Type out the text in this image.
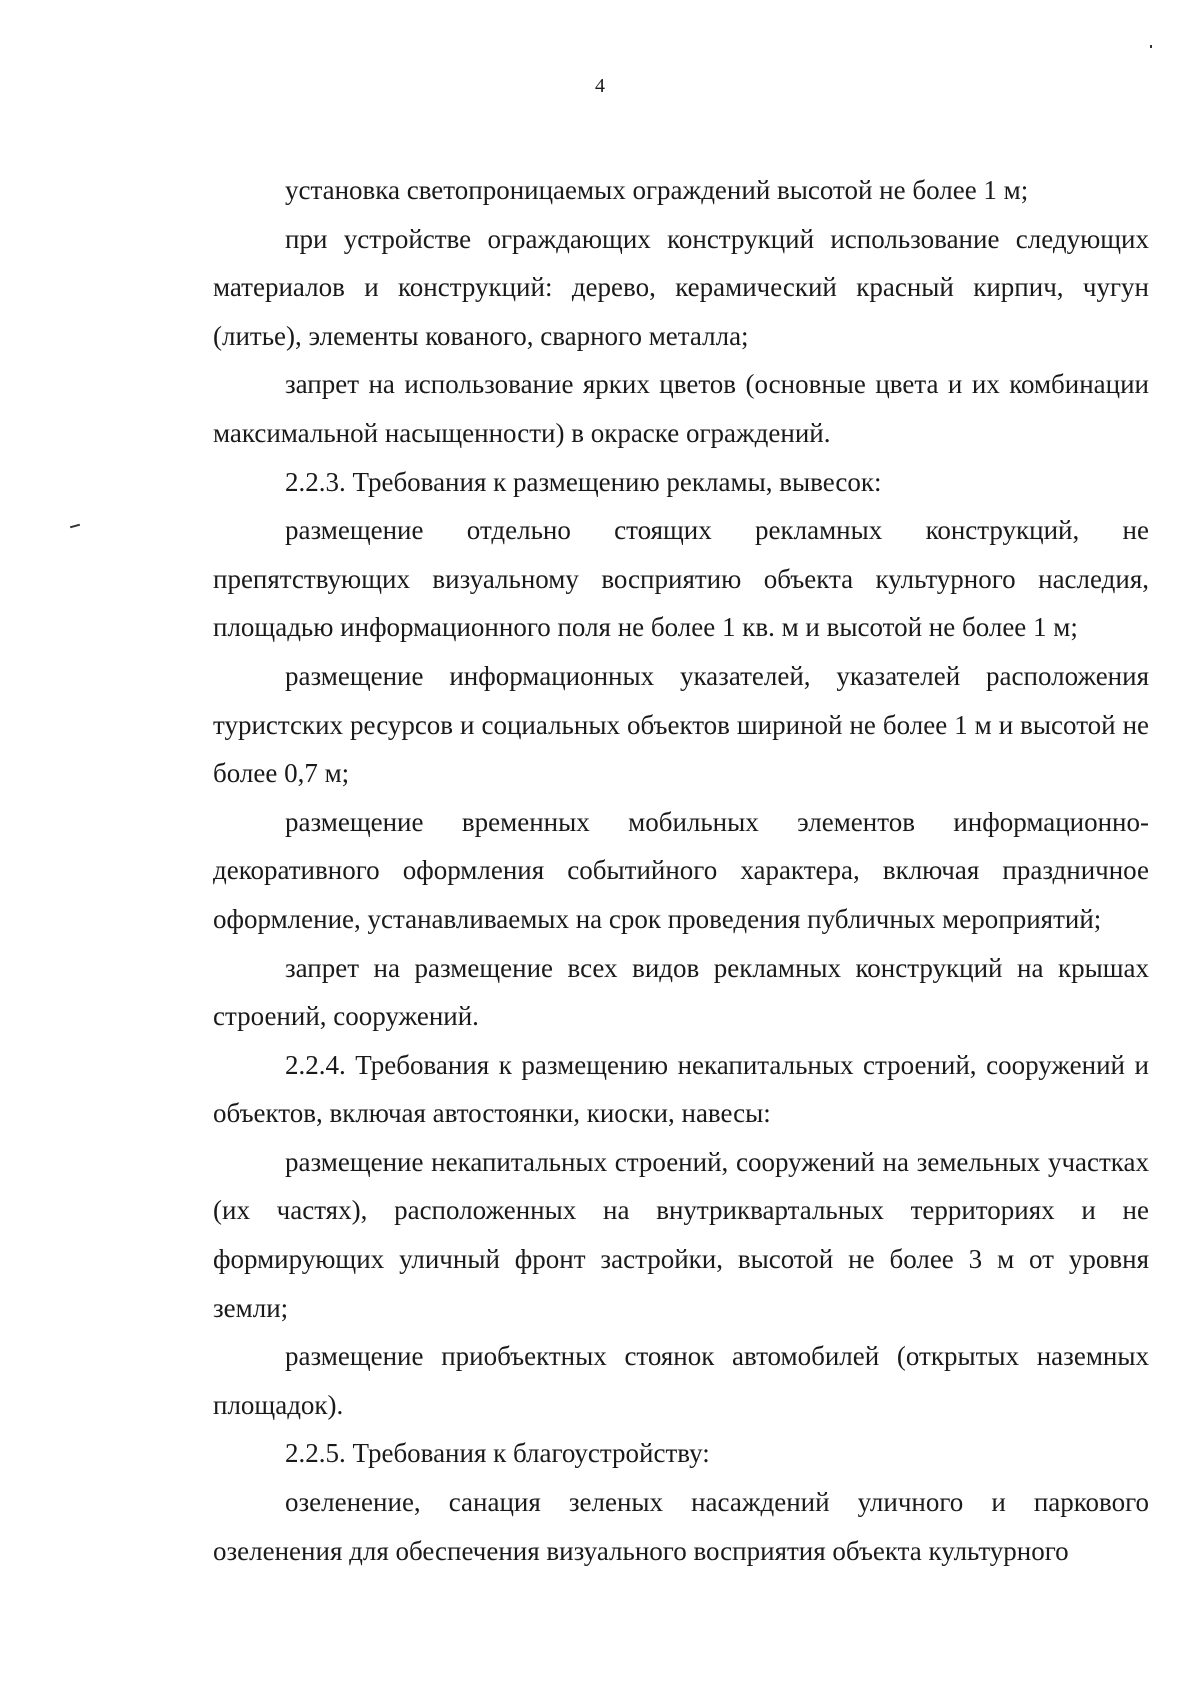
4

установка светопроницаемых ограждений высотой не более 1 м;

при устройстве ограждающих конструкций использование следующих материалов и конструкций: дерево, керамический красный кирпич, чугун (литье), элементы кованого, сварного металла;

запрет на использование ярких цветов (основные цвета и их комбинации максимальной насыщенности) в окраске ограждений.

2.2.3. Требования к размещению рекламы, вывесок:

размещение отдельно стоящих рекламных конструкций, не препятствующих визуальному восприятию объекта культурного наследия, площадью информационного поля не более 1 кв. м и высотой не более 1 м;

размещение информационных указателей, указателей расположения туристских ресурсов и социальных объектов шириной не более 1 м и высотой не более 0,7 м;

размещение временных мобильных элементов информационно-декоративного оформления событийного характера, включая праздничное оформление, устанавливаемых на срок проведения публичных мероприятий;

запрет на размещение всех видов рекламных конструкций на крышах строений, сооружений.

2.2.4. Требования к размещению некапитальных строений, сооружений и объектов, включая автостоянки, киоски, навесы:

размещение некапитальных строений, сооружений на земельных участках (их частях), расположенных на внутриквартальных территориях и не формирующих уличный фронт застройки, высотой не более 3 м от уровня земли;

размещение приобъектных стоянок автомобилей (открытых наземных площадок).

2.2.5. Требования к благоустройству:

озеленение, санация зеленых насаждений уличного и паркового озеленения для обеспечения визуального восприятия объекта культурного
